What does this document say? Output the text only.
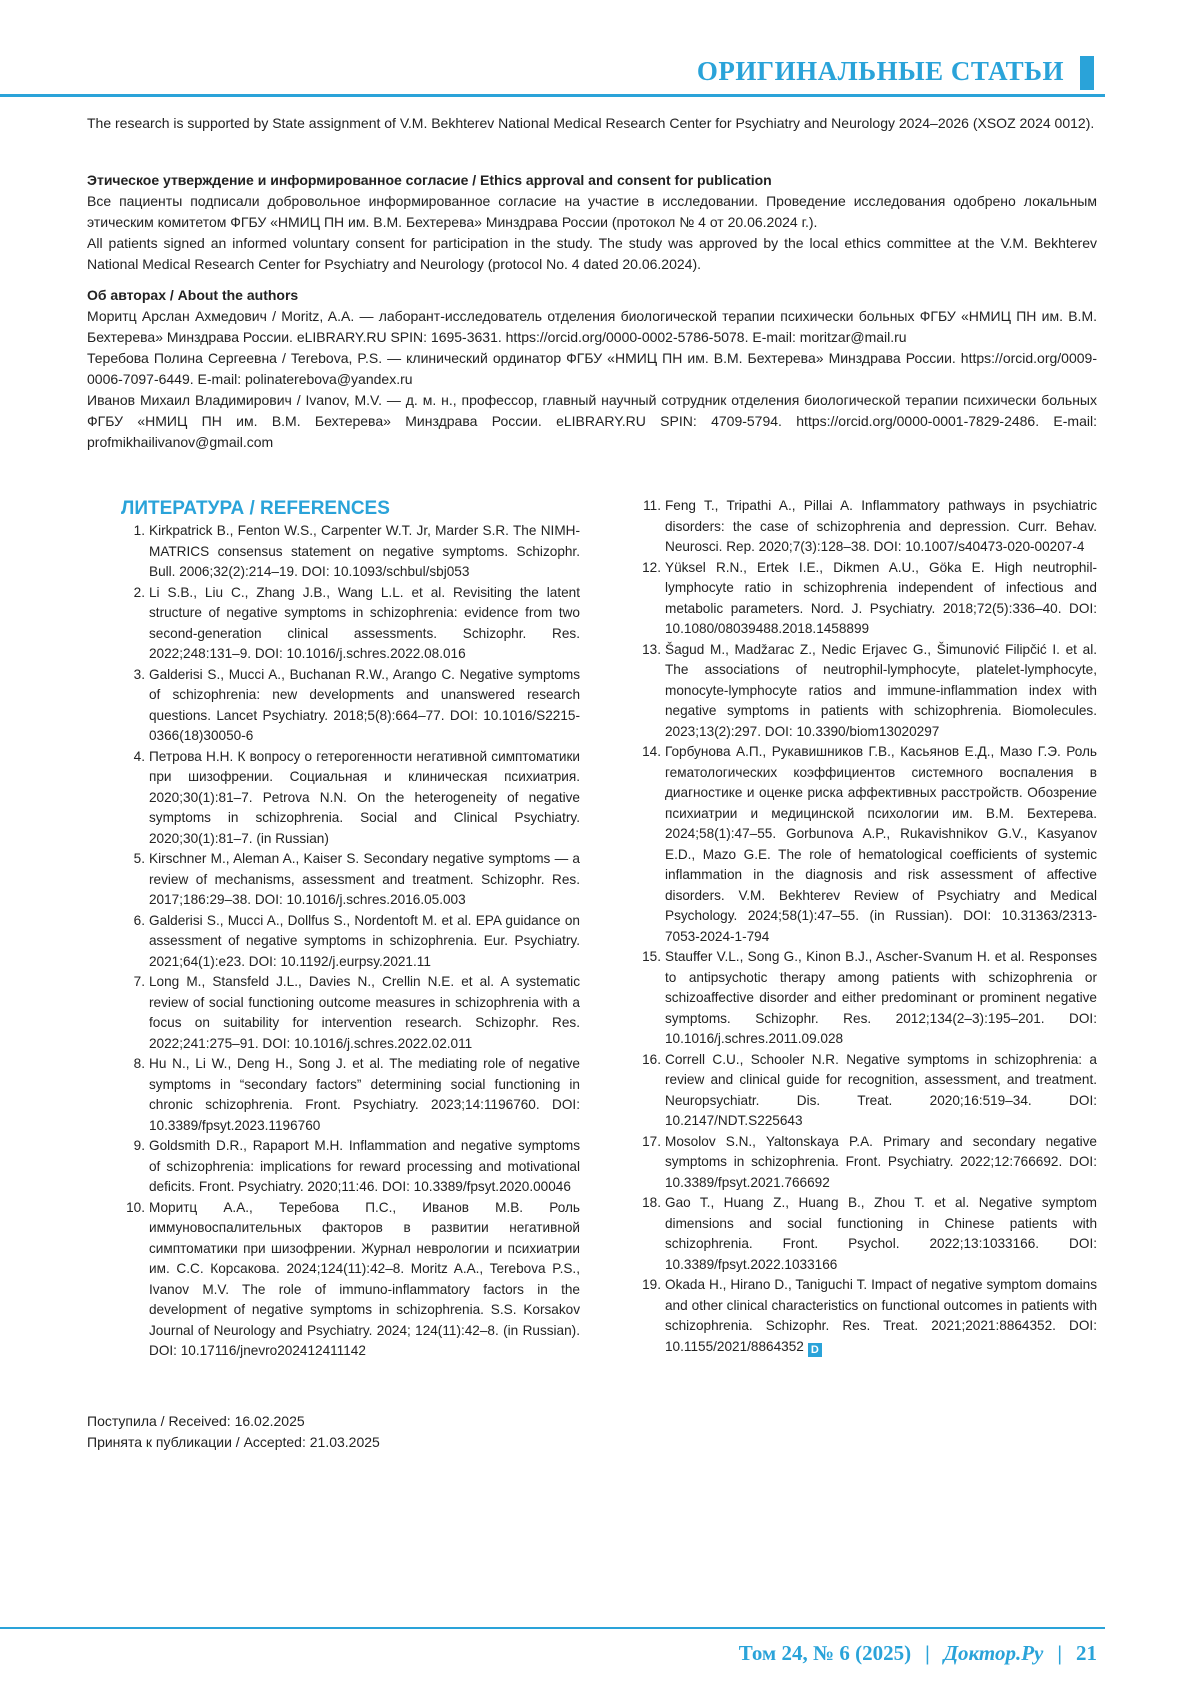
ОРИГИНАЛЬНЫЕ СТАТЬИ

The research is supported by State assignment of V.M. Bekhterev National Medical Research Center for Psychiatry and Neurology 2024–2026 (XSOZ 2024 0012).

Этическое утверждение и информированное согласие / Ethics approval and consent for publication

Все пациенты подписали добровольное информированное согласие на участие в исследовании. Проведение исследования одобрено локальным этическим комитетом ФГБУ «НМИЦ ПН им. В.М. Бехтерева» Минздрава России (протокол № 4 от 20.06.2024 г.).

All patients signed an informed voluntary consent for participation in the study. The study was approved by the local ethics committee at the V.M. Bekhterev National Medical Research Center for Psychiatry and Neurology (protocol No. 4 dated 20.06.2024).

Об авторах / About the authors

Моритц Арслан Ахмедович / Moritz, A.A. — лаборант-исследователь отделения биологической терапии психически больных ФГБУ «НМИЦ ПН им. В.М. Бехтерева» Минздрава России. eLIBRARY.RU SPIN: 1695-3631. https://orcid.org/0000-0002-5786-5078. E-mail: moritzar@mail.ru

Теребова Полина Сергеевна / Terebova, P.S. — клинический ординатор ФГБУ «НМИЦ ПН им. В.М. Бехтерева» Минздрава России. https://orcid.org/0009-0006-7097-6449. E-mail: polinaterebova@yandex.ru

Иванов Михаил Владимирович / Ivanov, M.V. — д. м. н., профессор, главный научный сотрудник отделения биологической терапии психически больных ФГБУ «НМИЦ ПН им. В.М. Бехтерева» Минздрава России. eLIBRARY.RU SPIN: 4709-5794. https://orcid.org/0000-0001-7829-2486. E-mail: profmikhailivanov@gmail.com

ЛИТЕРАТУРА / REFERENCES
1. Kirkpatrick B., Fenton W.S., Carpenter W.T. Jr, Marder S.R. The NIMH-MATRICS consensus statement on negative symptoms. Schizophr. Bull. 2006;32(2):214–19. DOI: 10.1093/schbul/sbj053
2. Li S.B., Liu C., Zhang J.B., Wang L.L. et al. Revisiting the latent structure of negative symptoms in schizophrenia: evidence from two second-generation clinical assessments. Schizophr. Res. 2022;248:131–9. DOI: 10.1016/j.schres.2022.08.016
3. Galderisi S., Mucci A., Buchanan R.W., Arango C. Negative symptoms of schizophrenia: new developments and unanswered research questions. Lancet Psychiatry. 2018;5(8):664–77. DOI: 10.1016/S2215-0366(18)30050-6
4. Петрова Н.Н. К вопросу о гетерогенности негативной симптоматики при шизофрении. Социальная и клиническая психиатрия. 2020;30(1):81–7. Petrova N.N. On the heterogeneity of negative symptoms in schizophrenia. Social and Clinical Psychiatry. 2020;30(1):81–7. (in Russian)
5. Kirschner M., Aleman A., Kaiser S. Secondary negative symptoms — a review of mechanisms, assessment and treatment. Schizophr. Res. 2017;186:29–38. DOI: 10.1016/j.schres.2016.05.003
6. Galderisi S., Mucci A., Dollfus S., Nordentoft M. et al. EPA guidance on assessment of negative symptoms in schizophrenia. Eur. Psychiatry. 2021;64(1):e23. DOI: 10.1192/j.eurpsy.2021.11
7. Long M., Stansfeld J.L., Davies N., Crellin N.E. et al. A systematic review of social functioning outcome measures in schizophrenia with a focus on suitability for intervention research. Schizophr. Res. 2022;241:275–91. DOI: 10.1016/j.schres.2022.02.011
8. Hu N., Li W., Deng H., Song J. et al. The mediating role of negative symptoms in “secondary factors” determining social functioning in chronic schizophrenia. Front. Psychiatry. 2023;14:1196760. DOI: 10.3389/fpsyt.2023.1196760
9. Goldsmith D.R., Rapaport M.H. Inflammation and negative symptoms of schizophrenia: implications for reward processing and motivational deficits. Front. Psychiatry. 2020;11:46. DOI: 10.3389/fpsyt.2020.00046
10. Моритц А.А., Теребова П.С., Иванов М.В. Роль иммуновоспалительных факторов в развитии негативной симптоматики при шизофрении. Журнал неврологии и психиатрии им. С.С. Корсакова. 2024;124(11):42–8. Moritz A.A., Terebova P.S., Ivanov M.V. The role of immuno-inflammatory factors in the development of negative symptoms in schizophrenia. S.S. Korsakov Journal of Neurology and Psychiatry. 2024; 124(11):42–8. (in Russian). DOI: 10.17116/jnevro202412411142
11. Feng T., Tripathi A., Pillai A. Inflammatory pathways in psychiatric disorders: the case of schizophrenia and depression. Curr. Behav. Neurosci. Rep. 2020;7(3):128–38. DOI: 10.1007/s40473-020-00207-4
12. Yüksel R.N., Ertek I.E., Dikmen A.U., Göka E. High neutrophil-lymphocyte ratio in schizophrenia independent of infectious and metabolic parameters. Nord. J. Psychiatry. 2018;72(5):336–40. DOI: 10.1080/08039488.2018.1458899
13. Šagud M., Madžarac Z., Nedic Erjavec G., Šimunović Filipčić I. et al. The associations of neutrophil-lymphocyte, platelet-lymphocyte, monocyte-lymphocyte ratios and immune-inflammation index with negative symptoms in patients with schizophrenia. Biomolecules. 2023;13(2):297. DOI: 10.3390/biom13020297
14. Горбунова А.П., Рукавишников Г.В., Касьянов Е.Д., Мазо Г.Э. Роль гематологических коэффициентов системного воспаления в диагностике и оценке риска аффективных расстройств. Обозрение психиатрии и медицинской психологии им. В.М. Бехтерева. 2024;58(1):47–55. Gorbunova A.P., Rukavishnikov G.V., Kasyanov E.D., Mazo G.E. The role of hematological coefficients of systemic inflammation in the diagnosis and risk assessment of affective disorders. V.M. Bekhterev Review of Psychiatry and Medical Psychology. 2024;58(1):47–55. (in Russian). DOI: 10.31363/2313-7053-2024-1-794
15. Stauffer V.L., Song G., Kinon B.J., Ascher-Svanum H. et al. Responses to antipsychotic therapy among patients with schizophrenia or schizoaffective disorder and either predominant or prominent negative symptoms. Schizophr. Res. 2012;134(2–3):195–201. DOI: 10.1016/j.schres.2011.09.028
16. Correll C.U., Schooler N.R. Negative symptoms in schizophrenia: a review and clinical guide for recognition, assessment, and treatment. Neuropsychiatr. Dis. Treat. 2020;16:519–34. DOI: 10.2147/NDT.S225643
17. Mosolov S.N., Yaltonskaya P.A. Primary and secondary negative symptoms in schizophrenia. Front. Psychiatry. 2022;12:766692. DOI: 10.3389/fpsyt.2021.766692
18. Gao T., Huang Z., Huang B., Zhou T. et al. Negative symptom dimensions and social functioning in Chinese patients with schizophrenia. Front. Psychol. 2022;13:1033166. DOI: 10.3389/fpsyt.2022.1033166
19. Okada H., Hirano D., Taniguchi T. Impact of negative symptom domains and other clinical characteristics on functional outcomes in patients with schizophrenia. Schizophr. Res. Treat. 2021;2021:8864352. DOI: 10.1155/2021/8864352 D
Поступила / Received: 16.02.2025
Принята к публикации / Accepted: 21.03.2025
Том 24, № 6 (2025) | Доктор.Ру | 21
